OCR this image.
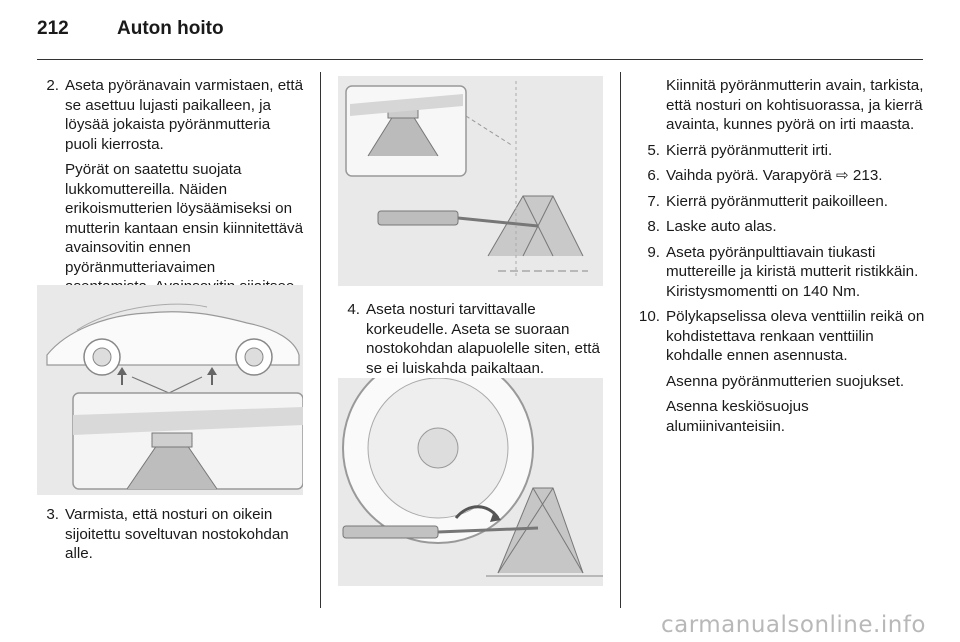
212	Auton hoito
2. Aseta pyöränavain varmistaen, että se asettuu lujasti paikalleen, ja löysää jokaista pyöränmutteria puoli kierrosta.
Pyörät on saatettu suojata lukkomuttereilla. Näiden erikoismutterien löysäämiseksi on mutterin kantaan ensin kiinnitettävä avainsovitin ennen pyöränmutteriavaimen
3. Varmista, että nosturi on oikein sijoitettu soveltuvan nostokohdan alle.
4. Aseta nosturi tarvittavalle korkeudelle. Aseta se suoraan nostokohdan alapuolelle siten, että se ei luiskahda paikaltaan.
Kiinnitä pyöränmutterin avain, tarkista, että nosturi on kohtisuorassa, ja kierrä avainta, kunnes pyörä on irti maasta.
5. Kierrä pyöränmutterit irti.
6. Vaihda pyörä. Varapyörä ⇨ 213.
7. Kierrä pyöränmutterit paikoilleen.
8. Laske auto alas.
9. Aseta pyöränpulttiavain tiukasti muttereille ja kiristä mutterit ristikkäin. Kiristysmomentti on 140 Nm.
10. Pölykapselissa oleva venttiilin reikä on kohdistettava renkaan venttiilin kohdalle ennen asennusta.
Asenna pyöränmutterien suojukset.
Asenna keskiösuojus alumiinivanteisiin.
carmanualsonline.info
